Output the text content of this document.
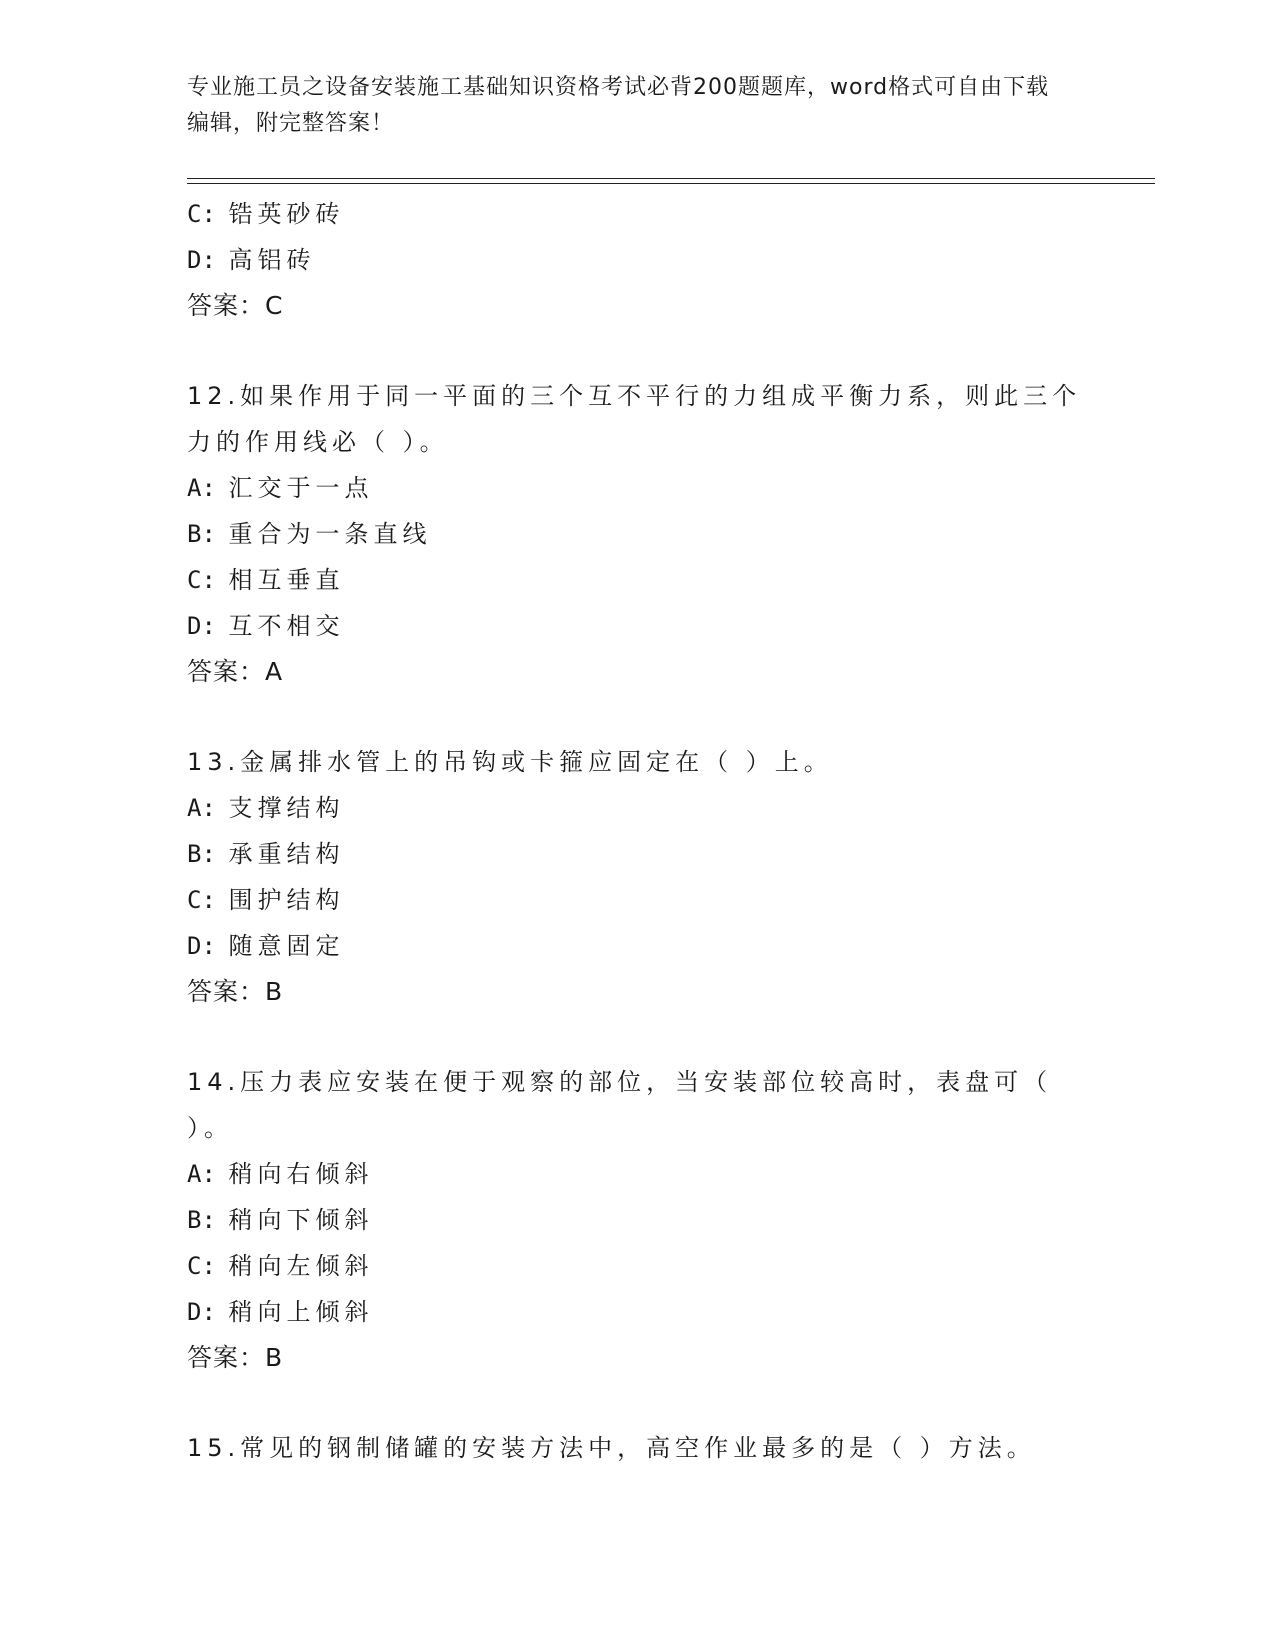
专业施工员之设备安装施工基础知识资格考试必背200题题库，word格式可自由下载编辑，附完整答案！
C: 锆英砂砖
D: 高铝砖
答案：C
12.如果作用于同一平面的三个互不平行的力组成平衡力系，则此三个力的作用线必（ ）。
A: 汇交于一点
B: 重合为一条直线
C: 相互垂直
D: 互不相交
答案：A
13.金属排水管上的吊钩或卡箍应固定在（ ）上。
A: 支撑结构
B: 承重结构
C: 围护结构
D: 随意固定
答案：B
14.压力表应安装在便于观察的部位，当安装部位较高时，表盘可（ ）。
A: 稍向右倾斜
B: 稍向下倾斜
C: 稍向左倾斜
D: 稍向上倾斜
答案：B
15.常见的钢制储罐的安装方法中，高空作业最多的是（ ）方法。
